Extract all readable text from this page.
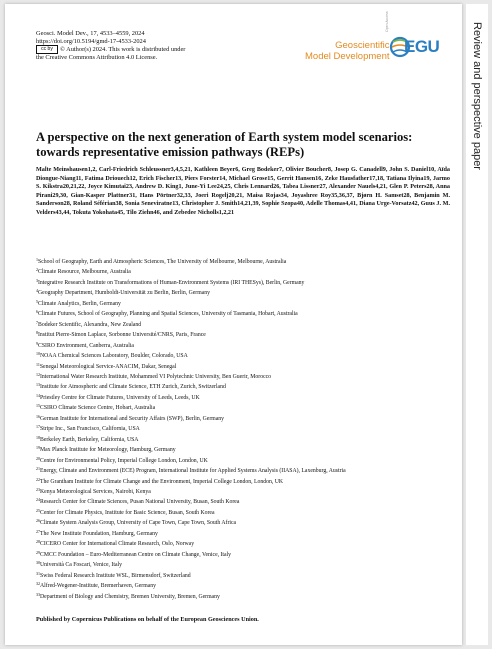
Geosci. Model Dev., 17, 4533–4559, 2024
https://doi.org/10.5194/gmd-17-4533-2024
cc by © Author(s) 2024. This work is distributed under
the Creative Commons Attribution 4.0 License.
Geoscientific
Model Development
Open Access
EGU
A perspective on the next generation of Earth system model scenarios: towards representative emission pathways (REPs)
Malte Meinshausen1,2, Carl-Friedrich Schleussner3,4,5,21, Kathleen Beyer6, Greg Bodeker7, Olivier Boucher8, Josep G. Canadell9, John S. Daniel10, Aïda Diongue-Niang11, Fatima Driouech12, Erich Fischer13, Piers Forster14, Michael Grose15, Gerrit Hansen16, Zeke Hausfather17,18, Tatiana Ilyina19, Jarmo S. Kikstra20,21,22, Joyce Kimutai23, Andrew D. King1, June-Yi Lee24,25, Chris Lennard26, Tabea Lissner27, Alexander Nauels4,21, Glen P. Peters28, Anna Pirani29,30, Gian-Kasper Plattner31, Hans Pörtner32,33, Joeri Rogelj20,21, Maisa Rojas34, Joyashree Roy35,36,37, Bjørn H. Samset28, Benjamin M. Sanderson28, Roland Séférian38, Sonia Seneviratne13, Christopher J. Smith14,21,39, Sophie Szopa40, Adelle Thomas4,41, Diana Urge-Vorsatz42, Guus J. M. Velders43,44, Tokuta Yokohata45, Tilo Ziehn46, and Zebedee Nicholls1,2,21
$^1$School of Geography, Earth and Atmospheric Sciences, The University of Melbourne, Melbourne, Australia
$^2$Climate Resource, Melbourne, Australia
$^3$Integrative Research Institute on Transformations of Human-Environment Systems (IRI THESys), Berlin, Germany
$^4$Geography Department, Humboldt-Universität zu Berlin, Berlin, Germany
$^5$Climate Analytics, Berlin, Germany
$^6$Climate Futures, School of Geography, Planning and Spatial Sciences, University of Tasmania, Hobart, Australia
$^7$Bodeker Scientific, Alexandra, New Zealand
$^8$Institut Pierre-Simon Laplace, Sorbonne Université/CNRS, Paris, France
$^9$CSIRO Environment, Canberra, Australia
$^{10}$NOAA Chemical Sciences Laboratory, Boulder, Colorado, USA
$^{11}$Senegal Meteorological Service-ANACIM, Dakar, Senegal
$^{12}$International Water Research Institute, Mohammed VI Polytechnic University, Ben Guerir, Morocco
$^{13}$Institute for Atmospheric and Climate Science, ETH Zurich, Zurich, Switzerland
$^{14}$Priestley Centre for Climate Futures, University of Leeds, Leeds, UK
$^{15}$CSIRO Climate Science Centre, Hobart, Australia
$^{16}$German Institute for International and Security Affairs (SWP), Berlin, Germany
$^{17}$Stripe Inc., San Francisco, California, USA
$^{18}$Berkeley Earth, Berkeley, California, USA
$^{19}$Max Planck Institute for Meteorology, Hamburg, Germany
$^{20}$Centre for Environmental Policy, Imperial College London, London, UK
$^{21}$Energy, Climate and Environment (ECE) Program, International Institute for Applied Systems Analysis (IIASA), Laxenburg, Austria
$^{22}$The Grantham Institute for Climate Change and the Environment, Imperial College London, London, UK
$^{23}$Kenya Meteorological Services, Nairobi, Kenya
$^{24}$Research Center for Climate Sciences, Pusan National University, Busan, South Korea
$^{25}$Center for Climate Physics, Institute for Basic Science, Busan, South Korea
$^{26}$Climate System Analysis Group, University of Cape Town, Cape Town, South Africa
$^{27}$The New Institute Foundation, Hamburg, Germany
$^{28}$CICERO Center for International Climate Research, Oslo, Norway
$^{29}$CMCC Foundation – Euro-Mediterranean Centre on Climate Change, Venice, Italy
$^{30}$Università Ca Foscari, Venice, Italy
$^{31}$Swiss Federal Research Institute WSL, Birmensdorf, Switzerland
$^{32}$Alfred-Wegener-Institute, Bremerhaven, Germany
$^{33}$Department of Biology and Chemistry, Bremen University, Bremen, Germany
Published by Copernicus Publications on behalf of the European Geosciences Union.
Review and perspective paper
